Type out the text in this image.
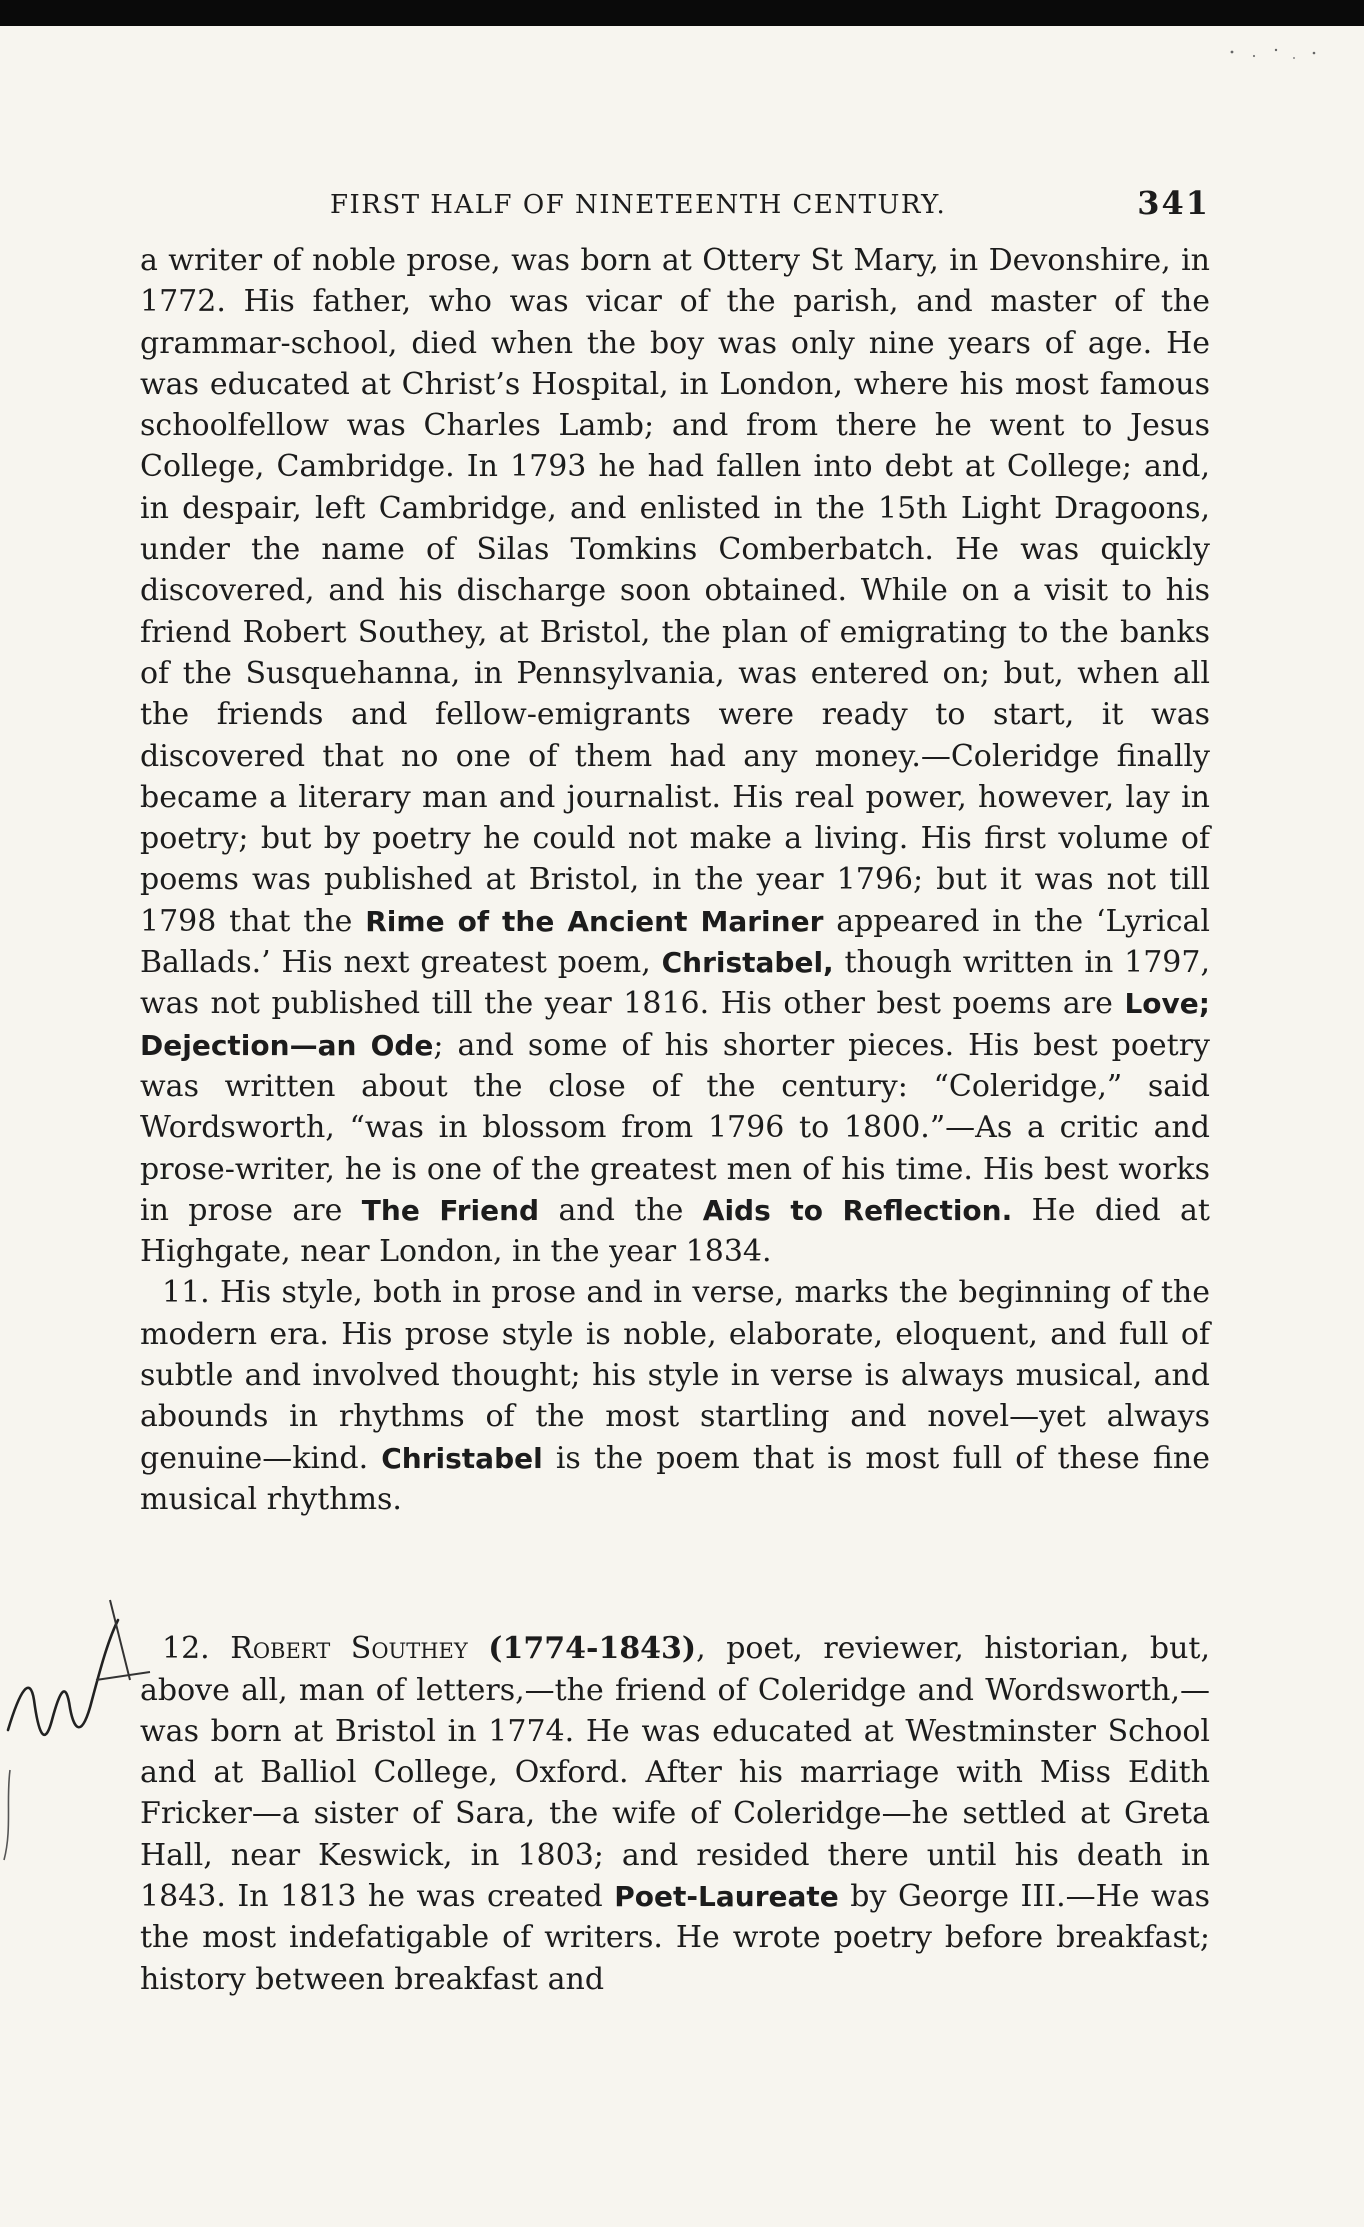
FIRST HALF OF NINETEENTH CENTURY.	341

a writer of noble prose, was born at Ottery St Mary, in Devonshire, in 1772. His father, who was vicar of the parish, and master of the grammar-school, died when the boy was only nine years of age. He was educated at Christ’s Hospital, in London, where his most famous schoolfellow was Charles Lamb; and from there he went to Jesus College, Cambridge. In 1793 he had fallen into debt at College; and, in despair, left Cambridge, and enlisted in the 15th Light Dragoons, under the name of Silas Tomkins Comberbatch. He was quickly discovered, and his discharge soon obtained. While on a visit to his friend Robert Southey, at Bristol, the plan of emigrating to the banks of the Susquehanna, in Pennsylvania, was entered on; but, when all the friends and fellow-emigrants were ready to start, it was discovered that no one of them had any money.—Coleridge finally became a literary man and journalist. His real power, however, lay in poetry; but by poetry he could not make a living. His first volume of poems was published at Bristol, in the year 1796; but it was not till 1798 that the Rime of the Ancient Mariner appeared in the ‘Lyrical Ballads.’ His next greatest poem, Christabel, though written in 1797, was not published till the year 1816. His other best poems are Love; Dejection—an Ode; and some of his shorter pieces. His best poetry was written about the close of the century: “Coleridge,” said Wordsworth, “was in blossom from 1796 to 1800.”—As a critic and prose-writer, he is one of the greatest men of his time. His best works in prose are The Friend and the Aids to Reflection. He died at Highgate, near London, in the year 1834.

11. His style, both in prose and in verse, marks the beginning of the modern era. His prose style is noble, elaborate, eloquent, and full of subtle and involved thought; his style in verse is always musical, and abounds in rhythms of the most startling and novel—yet always genuine—kind. Christabel is the poem that is most full of these fine musical rhythms.

12. Robert Southey (1774-1843), poet, reviewer, historian, but, above all, man of letters,—the friend of Coleridge and Wordsworth,—was born at Bristol in 1774. He was educated at Westminster School and at Balliol College, Oxford. After his marriage with Miss Edith Fricker—a sister of Sara, the wife of Coleridge—he settled at Greta Hall, near Keswick, in 1803; and resided there until his death in 1843. In 1813 he was created Poet-Laureate by George III.—He was the most indefatigable of writers. He wrote poetry before breakfast; history between breakfast and
